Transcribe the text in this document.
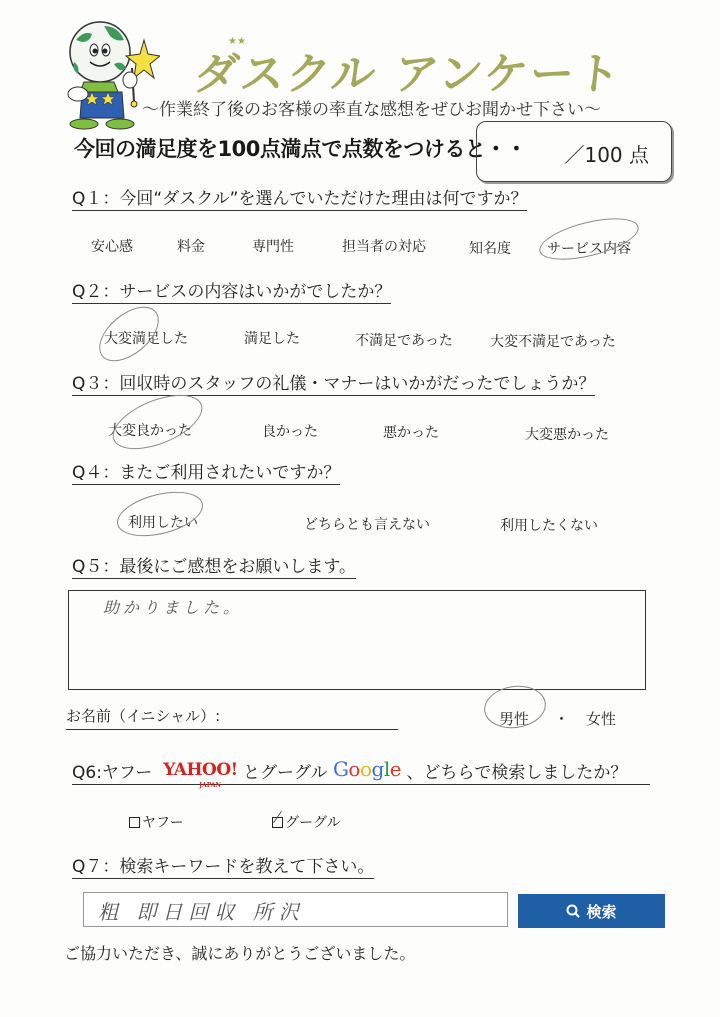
★★
ダスクル アンケート
〜作業終了後のお客様の率直な感想をぜひお聞かせ下さい〜
今回の満足度を100点満点で点数をつけると・・ ／100 点
Q１：今回“ダスクル”を選んでいただけた理由は何ですか？
安心感	料金	専門性	担当者の対応	知名度	サービス内容
Q２：サービスの内容はいかがでしたか？
大変満足した	満足した	不満足であった	大変不満足であった
Q３：回収時のスタッフの礼儀・マナーはいかがだったでしょうか？
大変良かった	良かった	悪かった	大変悪かった
Q４：またご利用されたいですか？
利用したい	どちらとも言えない	利用したくない
Q５：最後にご感想をお願いします。
助かりました。
お名前（イニシャル）:	男性 ・ 女性
Q6:ヤフー YAHOO!
JAPAN
とグーグル Google 、どちらで検索しましたか？
ヤフー	グーグル
Q７：検索キーワードを教えて下さい。
粗 即日回収 所沢	検索
ご協力いただき、誠にありがとうございました。
